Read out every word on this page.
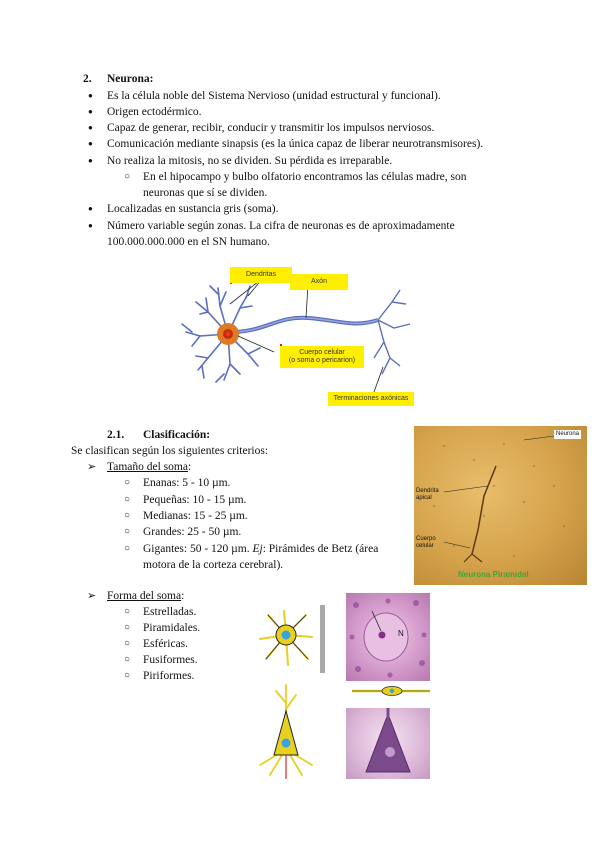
2. Neurona:
● Es la célula noble del Sistema Nervioso (unidad estructural y funcional).
● Origen ectodérmico.
● Capaz de generar, recibir, conducir y transmitir los impulsos nerviosos.
● Comunicación mediante sinapsis (es la única capaz de liberar neurotransmisores).
● No realiza la mitosis, no se dividen. Su pérdida es irreparable.
○ En el hipocampo y bulbo olfatorio encontramos las células madre, son
neuronas que sí se dividen.
● Localizadas en sustancia gris (soma).
● Número variable según zonas. La cifra de neuronas es de aproximadamente
100.000.000.000 en el SN humano.
Dendritas
Axón
Cuerpo celular
(o soma o pericarion)
Terminaciones axónicas
2.1. Clasificación:
Se clasifican según los siguientes criterios:
➢ Tamaño del soma:
○ Enanas: 5 - 10 µm.
○ Pequeñas: 10 - 15 µm.
○ Medianas: 15 - 25 µm.
○ Grandes: 25 - 50 µm.
○ Gigantes: 50 - 120 µm. Ej: Pirámides de Betz (área
motora de la corteza cerebral).
Neurona
Dendrita
apical
Cuerpo
celular
Neurona Piramidal
➢ Forma del soma:
○ Estrelladas.
○ Piramidales.
○ Esféricas.
○ Fusiformes.
○ Piriformes.
N
